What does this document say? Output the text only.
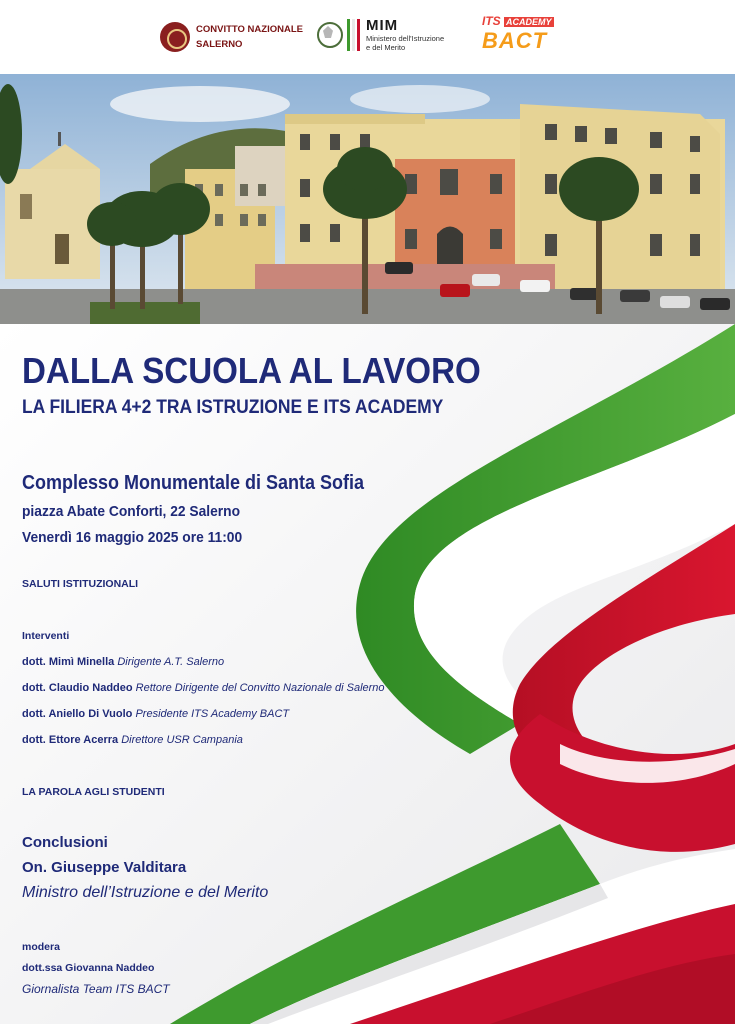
CONVITTO NAZIONALE
SALERNO
MIM
Ministero dell'Istruzione
e del Merito
ITS ACADEMY
BACT
DALLA SCUOLA AL LAVORO
LA FILIERA 4+2 TRA ISTRUZIONE E ITS ACADEMY
Complesso Monumentale di Santa Sofia
piazza Abate Conforti, 22 Salerno
Venerdì 16 maggio 2025 ore 11:00
SALUTI ISTITUZIONALI
Interventi
dott. Mimì Minella Dirigente A.T. Salerno
dott. Claudio Naddeo Rettore Dirigente del Convitto Nazionale di Salerno
dott. Aniello Di Vuolo Presidente ITS Academy BACT
dott. Ettore Acerra Direttore USR Campania
LA PAROLA AGLI STUDENTI
Conclusioni
On. Giuseppe Valditara
Ministro dell’Istruzione e del Merito
modera
dott.ssa Giovanna Naddeo
Giornalista Team ITS BACT
